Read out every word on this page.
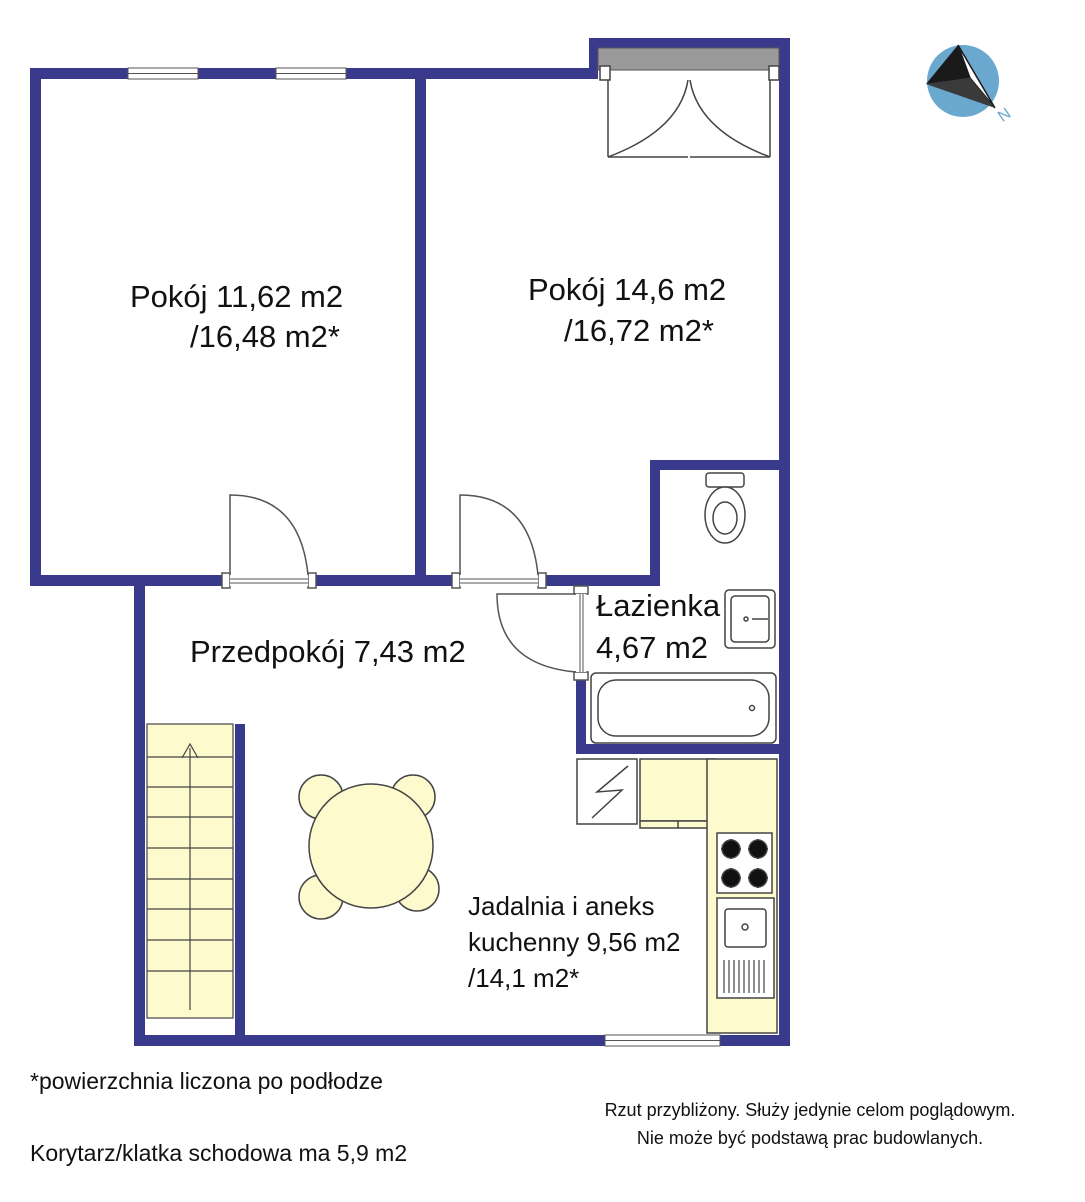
N
Pokój 11,62 m2
/16,48 m2*
Pokój 14,6 m2
/16,72 m2*
Łazienka
4,67 m2
Przedpokój 7,43 m2
Jadalnia i aneks
kuchenny 9,56 m2
/14,1 m2*
*powierzchnia liczona po podłodze
Korytarz/klatka schodowa ma 5,9 m2
Rzut przybliżony. Służy jedynie celom poglądowym.
Nie może być podstawą prac budowlanych.
